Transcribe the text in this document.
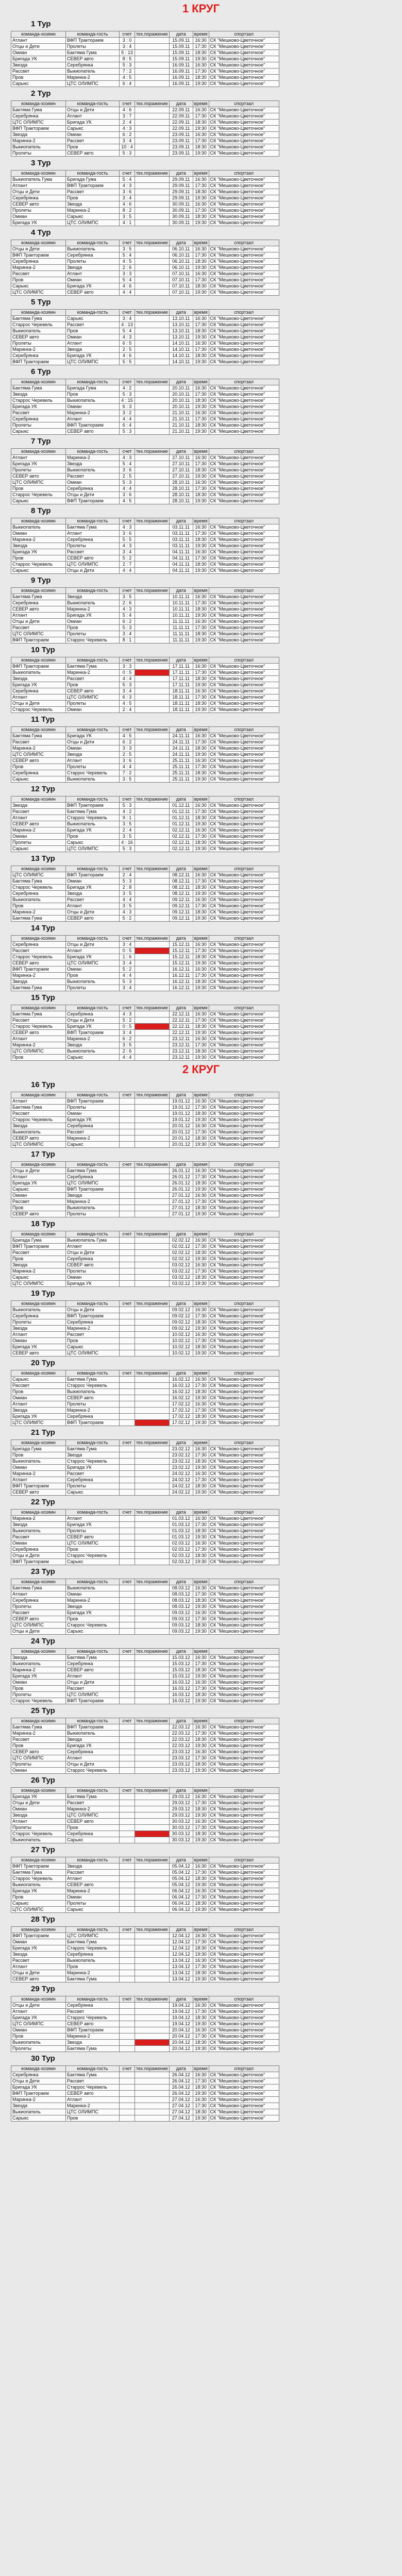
1 КРУГ
1 Тур
команда-хозяин	команда-гость	счет	тех.поражение	дата	время	спортзал
Атлант	ВФП Трактораем	3 : 0		15.09.11	16:30	СК "Мешково-Цветочное"
Отцы и Дети	Пролеты	3 : 4		15.09.11	17:30	СК "Мешково-Цветочное"
Омиан	Бактяма Гума	5 : 13		15.09.11	18:30	СК "Мешково-Цветочное"
Бригада УК	СЕВЕР авто	8 : 5		15.09.11	19:30	СК "Мешково-Цветочное"
Звезда	Серебрянка	5 : 3		16.09.11	16:30	СК "Мешково-Цветочное"
Рассвет	Выкиопатель	7 : 2		16.09.11	17:30	СК "Мешково-Цветочное"
Пров	Маринка-2	4 : 5		16.09.11	18:30	СК "Мешково-Цветочное"
Сарыкс	ЦТС ОЛИМПС	6 : 4		16.09.11	19:30	СК "Мешково-Цветочное"
2 Тур
команда-хозяин	команда-гость	счет	тех.поражение	дата	время	спортзал
Бактяма Гума	Отцы и Дети	4 : 6		22.09.11	16:30	СК "Мешково-Цветочное"
Серебрянка	Атлант	3 : 7		22.09.11	17:30	СК "Мешково-Цветочное"
ЦТС ОЛИМПС	Бригада УК	2 : 4		22.09.11	18:30	СК "Мешково-Цветочное"
ВФП Трактораем	Сарыкс	4 : 3		22.09.11	19:30	СК "Мешково-Цветочное"
Звезда	Омиан	6 : 2		23.09.11	16:30	СК "Мешково-Цветочное"
Маринка-2	Рассвет	3 : 4		23.09.11	17:30	СК "Мешково-Цветочное"
Выкиопатель	Пров	10 : 4		23.09.11	18:30	СК "Мешково-Цветочное"
Пролеты	СЕВЕР авто	5 : 3		23.09.11	19:30	СК "Мешково-Цветочное"
3 Тур
команда-хозяин	команда-гость	счет	тех.поражение	дата	время	спортзал
Выкиопатель Гума	Бригада Гума	5 : 4		29.09.11	16:30	СК "Мешково-Цветочное"
Атлант	ВФП Трактораем	4 : 3		29.09.11	17:30	СК "Мешково-Цветочное"
Отцы и Дети	Рассвет	3 : 6		29.09.11	18:30	СК "Мешково-Цветочное"
Серебрянка	Пров	3 : 4		29.09.11	19:30	СК "Мешково-Цветочное"
СЕВЕР авто	Звезда	4 : 6		30.09.11	16:30	СК "Мешково-Цветочное"
Пролеты	Маринка-2	8 : 2		30.09.11	17:30	СК "Мешково-Цветочное"
Омиан	Сарыкс	3 : 5		30.09.11	18:30	СК "Мешково-Цветочное"
Бригада УК	ЦТС ОЛИМПС	4 : 1		30.09.11	19:30	СК "Мешково-Цветочное"
4 Тур
команда-хозяин	команда-гость	счет	тех.поражение	дата	время	спортзал
Отцы и Дети	Выкиопатель	3 : 5		06.10.11	16:30	СК "Мешково-Цветочное"
ВФП Трактораем	Серебрянка	5 : 4		06.10.11	17:30	СК "Мешково-Цветочное"
Серебрянка	Пролеты	4 : 5		06.10.11	18:30	СК "Мешково-Цветочное"
Маринка-2	Звезда	2 : 6		06.10.11	19:30	СК "Мешково-Цветочное"
Рассвет	Атлант	3 : 3		07.10.11	16:30	СК "Мешково-Цветочное"
Пров	Омиан	5 : 4		07.10.11	17:30	СК "Мешково-Цветочное"
Сарыкс	Бригада УК	4 : 6		07.10.11	18:30	СК "Мешково-Цветочное"
ЦТС ОЛИМПС	СЕВЕР авто	4 : 4		07.10.11	19:30	СК "Мешково-Цветочное"
5 Тур
команда-хозяин	команда-гость	счет	тех.поражение	дата	время	спортзал
Бактяма Гума	Сарыкс	3 : 4		13.10.11	16:30	СК "Мешково-Цветочное"
Старрос Черевель	Рассвет	4 : 13		13.10.11	17:30	СК "Мешково-Цветочное"
Выкиопатель	Пров	5 : 4		13.10.11	18:30	СК "Мешково-Цветочное"
СЕВЕР авто	Омиан	4 : 3		13.10.11	19:30	СК "Мешково-Цветочное"
Пролеты	Атлант	6 : 5		14.10.11	16:30	СК "Мешково-Цветочное"
Маринка-2	Звезда	2 : 5		14.10.11	17:30	СК "Мешково-Цветочное"
Серебрянка	Бригада УК	4 : 6		14.10.11	18:30	СК "Мешково-Цветочное"
ВФП Трактораем	ЦТС ОЛИМПС	5 : 5		14.10.11	19:30	СК "Мешково-Цветочное"
6 Тур
команда-хозяин	команда-гость	счет	тех.поражение	дата	время	спортзал
Бактяма Гума	Бригада Гума	4 : 2		20.10.11	16:30	СК "Мешково-Цветочное"
Звезда	Пров	5 : 3		20.10.11	17:30	СК "Мешково-Цветочное"
Старрос Черевель	Выкиопатель	4 : 15		20.10.11	18:30	СК "Мешково-Цветочное"
Бригада УК	Омиан	6 : 3		20.10.11	19:30	СК "Мешково-Цветочное"
Рассвет	Маринка-2	3 : 2		21.10.11	16:30	СК "Мешково-Цветочное"
Серебрянка	Атлант	4 : 4		21.10.11	17:30	СК "Мешково-Цветочное"
Пролеты	ВФП Трактораем	6 : 4		21.10.11	18:30	СК "Мешково-Цветочное"
Сарыкс	СЕВЕР авто	5 : 3		21.10.11	19:30	СК "Мешково-Цветочное"
7 Тур
команда-хозяин	команда-гость	счет	тех.поражение	дата	время	спортзал
Атлант	Маринка-2	4 : 3		27.10.11	16:30	СК "Мешково-Цветочное"
Бригада УК	Звезда	5 : 4		27.10.11	17:30	СК "Мешково-Цветочное"
Пролеты	Выкиопатель	3 : 6		27.10.11	18:30	СК "Мешково-Цветочное"
СЕВЕР авто	Рассвет	2 : 5		27.10.11	19:30	СК "Мешково-Цветочное"
ЦТС ОЛИМПС	Омиан	5 : 3		28.10.11	16:30	СК "Мешково-Цветочное"
Пров	Серебрянка	4 : 4		28.10.11	17:30	СК "Мешково-Цветочное"
Старрос Черевель	Отцы и Дети	3 : 6		28.10.11	18:30	СК "Мешково-Цветочное"
Сарыкс	ВФП Трактораем	4 : 5		28.10.11	19:30	СК "Мешково-Цветочное"
8 Тур
команда-хозяин	команда-гость	счет	тех.поражение	дата	время	спортзал
Выкиопатель	Бактяма Гума	4 : 3		03.11.11	16:30	СК "Мешково-Цветочное"
Омиан	Атлант	3 : 6		03.11.11	17:30	СК "Мешково-Цветочное"
Маринка-2	Серебрянка	5 : 5		03.11.11	18:30	СК "Мешково-Цветочное"
Звезда	Пролеты	4 : 3		03.11.11	19:30	СК "Мешково-Цветочное"
Бригада УК	Рассвет	3 : 4		04.11.11	16:30	СК "Мешково-Цветочное"
Пров	СЕВЕР авто	5 : 2		04.11.11	17:30	СК "Мешково-Цветочное"
Старрос Черевель	ЦТС ОЛИМПС	2 : 7		04.11.11	18:30	СК "Мешково-Цветочное"
Сарыкс	Отцы и Дети	4 : 4		04.11.11	19:30	СК "Мешково-Цветочное"
9 Тур
команда-хозяин	команда-гость	счет	тех.поражение	дата	время	спортзал
Бактяма Гума	Звезда	3 : 5		10.11.11	16:30	СК "Мешково-Цветочное"
Серебрянка	Выкиопатель	2 : 6		10.11.11	17:30	СК "Мешково-Цветочное"
СЕВЕР авто	Маринка-2	4 : 3		10.11.11	18:30	СК "Мешково-Цветочное"
Атлант	Бригада УК	5 : 4		10.11.11	19:30	СК "Мешково-Цветочное"
Отцы и Дети	Омиан	6 : 2		11.11.11	16:30	СК "Мешково-Цветочное"
Рассвет	Пров	5 : 3		11.11.11	17:30	СК "Мешково-Цветочное"
ЦТС ОЛИМПС	Пролеты	3 : 4		11.11.11	18:30	СК "Мешково-Цветочное"
ВФП Трактораем	Старрос Черевель	8 : 1		11.11.11	19:30	СК "Мешково-Цветочное"
10 Тур
команда-хозяин	команда-гость	счет	тех.поражение	дата	время	спортзал
ВФП Трактораем	Бактяма Гума	3 : 3		17.11.11	16:30	СК "Мешково-Цветочное"
Выкиопатель	Маринка-2	0 : 5		17.11.11	17:30	СК "Мешково-Цветочное"
Звезда	Рассвет	4 : 4		17.11.11	18:30	СК "Мешково-Цветочное"
Бригада УК	Пров	5 : 3		17.11.11	19:30	СК "Мешково-Цветочное"
Серебрянка	СЕВЕР авто	3 : 4		18.11.11	16:30	СК "Мешково-Цветочное"
Атлант	ЦТС ОЛИМПС	6 : 3		18.11.11	17:30	СК "Мешково-Цветочное"
Отцы и Дети	Пролеты	4 : 5		18.11.11	18:30	СК "Мешково-Цветочное"
Старрос Черевель	Омиан	2 : 4		18.11.11	19:30	СК "Мешково-Цветочное"
11 Тур
команда-хозяин	команда-гость	счет	тех.поражение	дата	время	спортзал
Бактяма Гума	Бригада УК	4 : 5		24.11.11	16:30	СК "Мешково-Цветочное"
Рассвет	Отцы и Дети	6 : 2		24.11.11	17:30	СК "Мешково-Цветочное"
Маринка-2	Омиан	3 : 3		24.11.11	18:30	СК "Мешково-Цветочное"
ЦТС ОЛИМПС	Звезда	2 : 5		24.11.11	19:30	СК "Мешково-Цветочное"
СЕВЕР авто	Атлант	3 : 6		25.11.11	16:30	СК "Мешково-Цветочное"
Пров	Пролеты	4 : 4		25.11.11	17:30	СК "Мешково-Цветочное"
Серебрянка	Старрос Черевель	7 : 2		25.11.11	18:30	СК "Мешково-Цветочное"
Сарыкс	Выкиопатель	3 : 5		25.11.11	19:30	СК "Мешково-Цветочное"
12 Тур
команда-хозяин	команда-гость	счет	тех.поражение	дата	время	спортзал
Звезда	ВФП Трактораем	5 : 3		01.12.11	16:30	СК "Мешково-Цветочное"
Рассвет	Бактяма Гума	4 : 2		01.12.11	17:30	СК "Мешково-Цветочное"
Атлант	Старрос Черевель	9 : 1		01.12.11	18:30	СК "Мешково-Цветочное"
СЕВЕР авто	Выкиопатель	3 : 5		01.12.11	19:30	СК "Мешково-Цветочное"
Маринка-2	Бригада УК	2 : 4		02.12.11	16:30	СК "Мешково-Цветочное"
Омиан	Пров	3 : 5		02.12.11	17:30	СК "Мешково-Цветочное"
Пролеты	Сарыкс	4 : 16		02.12.11	18:30	СК "Мешково-Цветочное"
Сарыкс	ЦТС ОЛИМПС	5 : 3		02.12.11	19:30	СК "Мешково-Цветочное"
13 Тур
команда-хозяин	команда-гость	счет	тех.поражение	дата	время	спортзал
ЦТС ОЛИМПС	ВФП Трактораем	2 : 4		08.12.11	16:30	СК "Мешково-Цветочное"
Бактяма Гума	Омиан	5 : 3		08.12.11	17:30	СК "Мешково-Цветочное"
Старрос Черевель	Бригада УК	2 : 8		08.12.11	18:30	СК "Мешково-Цветочное"
Серебрянка	Звезда	3 : 5		08.12.11	19:30	СК "Мешково-Цветочное"
Выкиопатель	Рассвет	4 : 4		09.12.11	16:30	СК "Мешково-Цветочное"
Пров	Атлант	3 : 5		09.12.11	17:30	СК "Мешково-Цветочное"
Маринка-2	Отцы и Дети	4 : 3		09.12.11	18:30	СК "Мешково-Цветочное"
Бактяма Гума	СЕВЕР авто	5 : 2		09.12.11	19:30	СК "Мешково-Цветочное"
14 Тур
команда-хозяин	команда-гость	счет	тех.поражение	дата	время	спортзал
Серебрянка	Отцы и Дети	3 : 4		15.12.11	16:30	СК "Мешково-Цветочное"
Рассвет	Атлант	0 : 5		15.12.11	17:30	СК "Мешково-Цветочное"
Старрос Черевель	Бригада УК	1 : 6		15.12.11	18:30	СК "Мешково-Цветочное"
СЕВЕР авто	ЦТС ОЛИМПС	3 : 4		15.12.11	19:30	СК "Мешково-Цветочное"
ВФП Трактораем	Омиан	5 : 2		16.12.11	16:30	СК "Мешково-Цветочное"
Маринка-2	Пров	4 : 4		16.12.11	17:30	СК "Мешково-Цветочное"
Звезда	Выкиопатель	5 : 3		16.12.11	18:30	СК "Мешково-Цветочное"
Бактяма Гума	Пролеты	3 : 4		16.12.11	19:30	СК "Мешково-Цветочное"
15 Тур
команда-хозяин	команда-гость	счет	тех.поражение	дата	время	спортзал
Бактяма Гума	Серебрянка	4 : 3		22.12.11	16:30	СК "Мешково-Цветочное"
Рассвет	Отцы и Дети	5 : 2		22.12.11	17:30	СК "Мешково-Цветочное"
Старрос Черевель	Бригада УК	0 : 5		22.12.11	18:30	СК "Мешково-Цветочное"
СЕВЕР авто	ВФП Трактораем	3 : 4		22.12.11	19:30	СК "Мешково-Цветочное"
Атлант	Маринка-2	6 : 2		23.12.11	16:30	СК "Мешково-Цветочное"
Маринка-2	Звезда	3 : 5		23.12.11	17:30	СК "Мешково-Цветочное"
ЦТС ОЛИМПС	Выкиопатель	2 : 6		23.12.11	18:30	СК "Мешково-Цветочное"
Пров	Сарыкс	4 : 4		23.12.11	19:30	СК "Мешково-Цветочное"
2 КРУГ
16 Тур
команда-хозяин	команда-гость	счет	тех.поражение	дата	время	спортзал
Атлант	ВФП Трактораем			19.01.12	16:30	СК "Мешково-Цветочное"
Бактяма Гума	Пролеты			19.01.12	17:30	СК "Мешково-Цветочное"
Рассвет	Омиан			19.01.12	18:30	СК "Мешково-Цветочное"
Старрос Черевель	Бригада УК			19.01.12	19:30	СК "Мешково-Цветочное"
Звезда	Серебрянка			20.01.12	16:30	СК "Мешково-Цветочное"
Выкиопатель	Рассвет			20.01.12	17:30	СК "Мешково-Цветочное"
СЕВЕР авто	Маринка-2			20.01.12	18:30	СК "Мешково-Цветочное"
ЦТС ОЛИМПС	Сарыкс			20.01.12	19:30	СК "Мешково-Цветочное"
17 Тур
команда-хозяин	команда-гость	счет	тех.поражение	дата	время	спортзал
Отцы и Дети	Бактяма Гума			26.01.12	16:30	СК "Мешково-Цветочное"
Атлант	Серебрянка			26.01.12	17:30	СК "Мешково-Цветочное"
Бригада УК	ЦТС ОЛИМПС			26.01.12	18:30	СК "Мешково-Цветочное"
Сарыкс	ВФП Трактораем			26.01.12	19:30	СК "Мешково-Цветочное"
Омиан	Звезда			27.01.12	16:30	СК "Мешково-Цветочное"
Рассвет	Маринка-2			27.01.12	17:30	СК "Мешково-Цветочное"
Пров	Выкиопатель			27.01.12	18:30	СК "Мешково-Цветочное"
СЕВЕР авто	Пролеты			27.01.12	19:30	СК "Мешково-Цветочное"
18 Тур
команда-хозяин	команда-гость	счет	тех.поражение	дата	время	спортзал
Бригада Гума	Выкиопатель Гума			02.02.12	16:30	СК "Мешково-Цветочное"
ВФП Трактораем	Атлант			02.02.12	17:30	СК "Мешково-Цветочное"
Рассвет	Отцы и Дети			02.02.12	18:30	СК "Мешково-Цветочное"
Пров	Серебрянка			02.02.12	19:30	СК "Мешково-Цветочное"
Звезда	СЕВЕР авто			03.02.12	16:30	СК "Мешково-Цветочное"
Маринка-2	Пролеты			03.02.12	17:30	СК "Мешково-Цветочное"
Сарыкс	Омиан			03.02.12	18:30	СК "Мешково-Цветочное"
ЦТС ОЛИМПС	Бригада УК			03.02.12	19:30	СК "Мешково-Цветочное"
19 Тур
команда-хозяин	команда-гость	счет	тех.поражение	дата	время	спортзал
Выкиопатель	Отцы и Дети			09.02.12	16:30	СК "Мешково-Цветочное"
Серебрянка	ВФП Трактораем			09.02.12	17:30	СК "Мешково-Цветочное"
Пролеты	Серебрянка			09.02.12	18:30	СК "Мешково-Цветочное"
Звезда	Маринка-2			09.02.12	19:30	СК "Мешково-Цветочное"
Атлант	Рассвет			10.02.12	16:30	СК "Мешково-Цветочное"
Омиан	Пров			10.02.12	17:30	СК "Мешково-Цветочное"
Бригада УК	Сарыкс			10.02.12	18:30	СК "Мешково-Цветочное"
СЕВЕР авто	ЦТС ОЛИМПС			10.02.12	19:30	СК "Мешково-Цветочное"
20 Тур
команда-хозяин	команда-гость	счет	тех.поражение	дата	время	спортзал
Сарыкс	Бактяма Гума			16.02.12	16:30	СК "Мешково-Цветочное"
Рассвет	Старрос Черевель			16.02.12	17:30	СК "Мешково-Цветочное"
Пров	Выкиопатель			16.02.12	18:30	СК "Мешково-Цветочное"
Омиан	СЕВЕР авто			16.02.12	19:30	СК "Мешково-Цветочное"
Атлант	Пролеты			17.02.12	16:30	СК "Мешково-Цветочное"
Звезда	Маринка-2			17.02.12	17:30	СК "Мешково-Цветочное"
Бригада УК	Серебрянка			17.02.12	18:30	СК "Мешково-Цветочное"
ЦТС ОЛИМПС	ВФП Трактораем			17.02.12	19:30	СК "Мешково-Цветочное"
21 Тур
команда-хозяин	команда-гость	счет	тех.поражение	дата	время	спортзал
Бригада Гума	Бактяма Гума			23.02.12	16:30	СК "Мешково-Цветочное"
Пров	Звезда			23.02.12	17:30	СК "Мешково-Цветочное"
Выкиопатель	Старрос Черевель			23.02.12	18:30	СК "Мешково-Цветочное"
Омиан	Бригада УК			23.02.12	19:30	СК "Мешково-Цветочное"
Маринка-2	Рассвет			24.02.12	16:30	СК "Мешково-Цветочное"
Атлант	Серебрянка			24.02.12	17:30	СК "Мешково-Цветочное"
ВФП Трактораем	Пролеты			24.02.12	18:30	СК "Мешково-Цветочное"
СЕВЕР авто	Сарыкс			24.02.12	19:30	СК "Мешково-Цветочное"
22 Тур
команда-хозяин	команда-гость	счет	тех.поражение	дата	время	спортзал
Маринка-2	Атлант			01.03.12	16:30	СК "Мешково-Цветочное"
Звезда	Бригада УК			01.03.12	17:30	СК "Мешково-Цветочное"
Выкиопатель	Пролеты			01.03.12	18:30	СК "Мешково-Цветочное"
Рассвет	СЕВЕР авто			01.03.12	19:30	СК "Мешково-Цветочное"
Омиан	ЦТС ОЛИМПС			02.03.12	16:30	СК "Мешково-Цветочное"
Серебрянка	Пров			02.03.12	17:30	СК "Мешково-Цветочное"
Отцы и Дети	Старрос Черевель			02.03.12	18:30	СК "Мешково-Цветочное"
ВФП Трактораем	Сарыкс			02.03.12	19:30	СК "Мешково-Цветочное"
23 Тур
команда-хозяин	команда-гость	счет	тех.поражение	дата	время	спортзал
Бактяма Гума	Выкиопатель			08.03.12	16:30	СК "Мешково-Цветочное"
Атлант	Омиан			08.03.12	17:30	СК "Мешково-Цветочное"
Серебрянка	Маринка-2			08.03.12	18:30	СК "Мешково-Цветочное"
Пролеты	Звезда			08.03.12	19:30	СК "Мешково-Цветочное"
Рассвет	Бригада УК			09.03.12	16:30	СК "Мешково-Цветочное"
СЕВЕР авто	Пров			09.03.12	17:30	СК "Мешково-Цветочное"
ЦТС ОЛИМПС	Старрос Черевель			09.03.12	18:30	СК "Мешково-Цветочное"
Отцы и Дети	Сарыкс			09.03.12	19:30	СК "Мешково-Цветочное"
24 Тур
команда-хозяин	команда-гость	счет	тех.поражение	дата	время	спортзал
Звезда	Бактяма Гума			15.03.12	16:30	СК "Мешково-Цветочное"
Выкиопатель	Серебрянка			15.03.12	17:30	СК "Мешково-Цветочное"
Маринка-2	СЕВЕР авто			15.03.12	18:30	СК "Мешково-Цветочное"
Бригада УК	Атлант			15.03.12	19:30	СК "Мешково-Цветочное"
Омиан	Отцы и Дети			16.03.12	16:30	СК "Мешково-Цветочное"
Пров	Рассвет			16.03.12	17:30	СК "Мешково-Цветочное"
Пролеты	ЦТС ОЛИМПС			16.03.12	18:30	СК "Мешково-Цветочное"
Старрос Черевель	ВФП Трактораем			16.03.12	19:30	СК "Мешково-Цветочное"
25 Тур
команда-хозяин	команда-гость	счет	тех.поражение	дата	время	спортзал
Бактяма Гума	ВФП Трактораем			22.03.12	16:30	СК "Мешково-Цветочное"
Маринка-2	Выкиопатель			22.03.12	17:30	СК "Мешково-Цветочное"
Рассвет	Звезда			22.03.12	18:30	СК "Мешково-Цветочное"
Пров	Бригада УК			22.03.12	19:30	СК "Мешково-Цветочное"
СЕВЕР авто	Серебрянка			23.03.12	16:30	СК "Мешково-Цветочное"
ЦТС ОЛИМПС	Атлант			23.03.12	17:30	СК "Мешково-Цветочное"
Пролеты	Отцы и Дети			23.03.12	18:30	СК "Мешково-Цветочное"
Омиан	Старрос Черевель			23.03.12	19:30	СК "Мешково-Цветочное"
26 Тур
команда-хозяин	команда-гость	счет	тех.поражение	дата	время	спортзал
Бригада УК	Бактяма Гума			29.03.12	16:30	СК "Мешково-Цветочное"
Отцы и Дети	Рассвет			29.03.12	17:30	СК "Мешково-Цветочное"
Омиан	Маринка-2			29.03.12	18:30	СК "Мешково-Цветочное"
Звезда	ЦТС ОЛИМПС			29.03.12	19:30	СК "Мешково-Цветочное"
Атлант	СЕВЕР авто			30.03.12	16:30	СК "Мешково-Цветочное"
Пролеты	Пров			30.03.12	17:30	СК "Мешково-Цветочное"
Старрос Черевель	Серебрянка			30.03.12	18:30	СК "Мешково-Цветочное"
Выкиопатель	Сарыкс			30.03.12	19:30	СК "Мешково-Цветочное"
27 Тур
команда-хозяин	команда-гость	счет	тех.поражение	дата	время	спортзал
ВФП Трактораем	Звезда			05.04.12	16:30	СК "Мешково-Цветочное"
Бактяма Гума	Рассвет			05.04.12	17:30	СК "Мешково-Цветочное"
Старрос Черевель	Атлант			05.04.12	18:30	СК "Мешково-Цветочное"
Выкиопатель	СЕВЕР авто			05.04.12	19:30	СК "Мешково-Цветочное"
Бригада УК	Маринка-2			06.04.12	16:30	СК "Мешково-Цветочное"
Пров	Омиан			06.04.12	17:30	СК "Мешково-Цветочное"
Сарыкс	Пролеты			06.04.12	18:30	СК "Мешково-Цветочное"
ЦТС ОЛИМПС	Сарыкс			06.04.12	19:30	СК "Мешково-Цветочное"
28 Тур
команда-хозяин	команда-гость	счет	тех.поражение	дата	время	спортзал
ВФП Трактораем	ЦТС ОЛИМПС			12.04.12	16:30	СК "Мешково-Цветочное"
Омиан	Бактяма Гума			12.04.12	17:30	СК "Мешково-Цветочное"
Бригада УК	Старрос Черевель			12.04.12	18:30	СК "Мешково-Цветочное"
Звезда	Серебрянка			12.04.12	19:30	СК "Мешково-Цветочное"
Рассвет	Выкиопатель			13.04.12	16:30	СК "Мешково-Цветочное"
Атлант	Пров			13.04.12	17:30	СК "Мешково-Цветочное"
Отцы и Дети	Маринка-2			13.04.12	18:30	СК "Мешково-Цветочное"
СЕВЕР авто	Бактяма Гума			13.04.12	19:30	СК "Мешково-Цветочное"
29 Тур
команда-хозяин	команда-гость	счет	тех.поражение	дата	время	спортзал
Отцы и Дети	Серебрянка			19.04.12	16:30	СК "Мешково-Цветочное"
Атлант	Рассвет			19.04.12	17:30	СК "Мешково-Цветочное"
Бригада УК	Старрос Черевель			19.04.12	18:30	СК "Мешково-Цветочное"
ЦТС ОЛИМПС	СЕВЕР авто			19.04.12	19:30	СК "Мешково-Цветочное"
Омиан	ВФП Трактораем			20.04.12	16:30	СК "Мешково-Цветочное"
Пров	Маринка-2			20.04.12	17:30	СК "Мешково-Цветочное"
Выкиопатель	Звезда			20.04.12	18:30	СК "Мешково-Цветочное"
Пролеты	Бактяма Гума			20.04.12	19:30	СК "Мешково-Цветочное"
30 Тур
команда-хозяин	команда-гость	счет	тех.поражение	дата	время	спортзал
Серебрянка	Бактяма Гума			26.04.12	16:30	СК "Мешково-Цветочное"
Отцы и Дети	Рассвет			26.04.12	17:30	СК "Мешково-Цветочное"
Бригада УК	Старрос Черевель			26.04.12	18:30	СК "Мешково-Цветочное"
ВФП Трактораем	СЕВЕР авто			26.04.12	19:30	СК "Мешково-Цветочное"
Маринка-2	Атлант			27.04.12	16:30	СК "Мешково-Цветочное"
Звезда	Маринка-2			27.04.12	17:30	СК "Мешково-Цветочное"
Выкиопатель	ЦТС ОЛИМПС			27.04.12	18:30	СК "Мешково-Цветочное"
Сарыкс	Пров			27.04.12	19:30	СК "Мешково-Цветочное"
